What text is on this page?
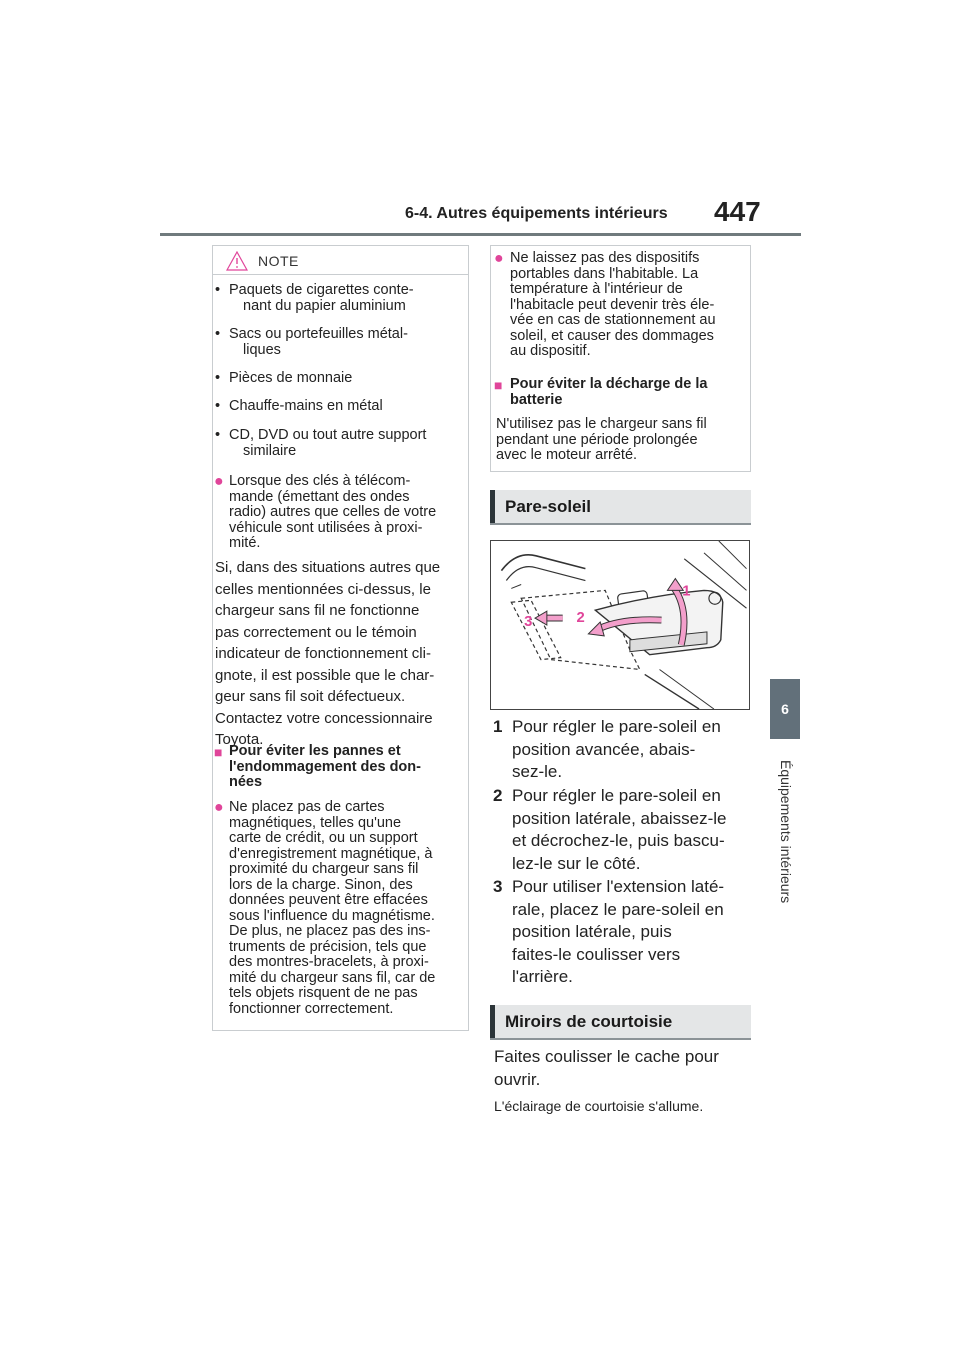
6-4. Autres équipements intérieurs 447
6
Équipements intérieurs
NOTE
• Paquets de cigarettes conte-
nant du papier aluminium
• Sacs ou portefeuilles métal-
liques
• Pièces de monnaie
• Chauffe-mains en métal
• CD, DVD ou tout autre support
similaire
● Lorsque des clés à télécom-
mande (émettant des ondes
radio) autres que celles de votre
véhicule sont utilisées à proxi-
mité.
Si, dans des situations autres que
celles mentionnées ci-dessus, le
chargeur sans fil ne fonctionne
pas correctement ou le témoin
indicateur de fonctionnement cli-
gnote, il est possible que le char-
geur sans fil soit défectueux.
Contactez votre concessionnaire
Toyota.
■ Pour éviter les pannes et
l'endommagement des don-
nées
● Ne placez pas de cartes
magnétiques, telles qu'une
carte de crédit, ou un support
d'enregistrement magnétique, à
proximité du chargeur sans fil
lors de la charge. Sinon, des
données peuvent être effacées
sous l'influence du magnétisme.
De plus, ne placez pas des ins-
truments de précision, tels que
des montres-bracelets, à proxi-
mité du chargeur sans fil, car de
tels objets risquent de ne pas
fonctionner correctement.
● Ne laissez pas des dispositifs
portables dans l'habitable. La
température à l'intérieur de
l'habitacle peut devenir très éle-
vée en cas de stationnement au
soleil, et causer des dommages
au dispositif.
■ Pour éviter la décharge de la
batterie
N'utilisez pas le chargeur sans fil
pendant une période prolongée
avec le moteur arrêté.
Pare-soleil
1
2
3
1 Pour régler le pare-soleil en
position avancée, abais-
sez-le.
2 Pour régler le pare-soleil en
position latérale, abaissez-le
et décrochez-le, puis bascu-
lez-le sur le côté.
3 Pour utiliser l'extension laté-
rale, placez le pare-soleil en
position latérale, puis
faites-le coulisser vers
l'arrière.
Miroirs de courtoisie
Faites coulisser le cache pour
ouvrir.
L'éclairage de courtoisie s'allume.
